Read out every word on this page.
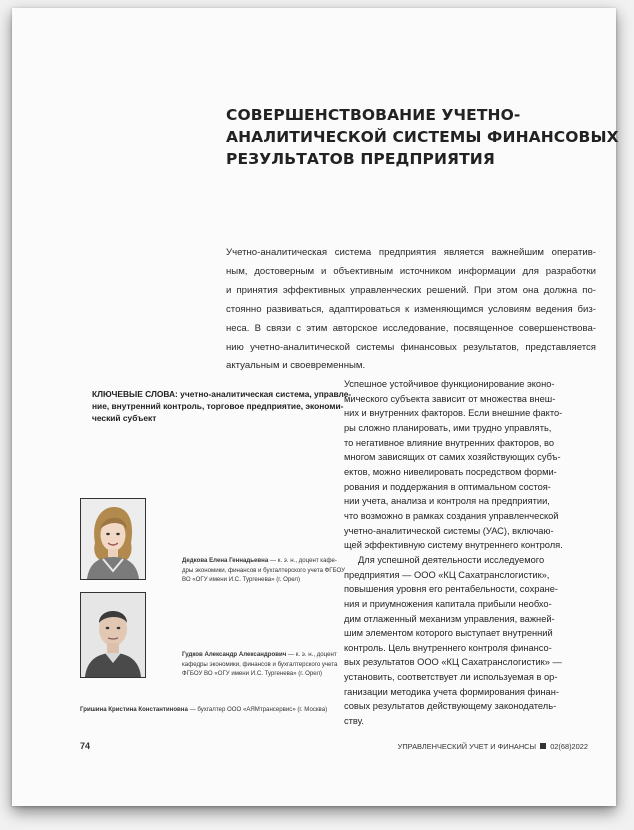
СОВЕРШЕНСТВОВАНИЕ УЧЕТНО-
АНАЛИТИЧЕСКОЙ СИСТЕМЫ ФИНАНСОВЫХ
РЕЗУЛЬТАТОВ ПРЕДПРИЯТИЯ
Учетно-аналитическая система предприятия является важнейшим оператив-
ным, достоверным и объективным источником информации для разработки
и принятия эффективных управленческих решений. При этом она должна по-
стоянно развиваться, адаптироваться к изменяющимся условиям ведения биз-
неса. В связи с этим авторское исследование, посвященное совершенствова-
нию учетно-аналитической системы финансовых результатов, представляется
актуальным и своевременным.
КЛЮЧЕВЫЕ СЛОВА: учетно-аналитическая система, управле-
ние, внутренний контроль, торговое предприятие, экономи-
ческий субъект
Дедкова Елена Геннадьевна — к. э. н., доцент кафе-
дры экономики, финансов и бухгалтерского учета ФГБОУ
ВО «ОГУ имени И.С. Тургенева» (г. Орел)
Гудков Александр Александрович — к. э. н., доцент
кафедры экономики, финансов и бухгалтерского учета
ФГБОУ ВО «ОГУ имени И.С. Тургенева» (г. Орел)
Гришина Кристина Константиновна — бухгалтер ООО «АЯМтрансервис» (г. Москва)
Успешное устойчивое функционирование эконо-
мического субъекта зависит от множества внеш-
них и внутренних факторов. Если внешние факто-
ры сложно планировать, ими трудно управлять,
то негативное влияние внутренних факторов, во
многом зависящих от самих хозяйствующих субъ-
ектов, можно нивелировать посредством форми-
рования и поддержания в оптимальном состоя-
нии учета, анализа и контроля на предприятии,
что возможно в рамках создания управленческой
учетно-аналитической системы (УАС), включаю-
щей эффективную систему внутреннего контроля.
Для успешной деятельности исследуемого
предприятия — ООО «КЦ Сахатранслогистик»,
повышения уровня его рентабельности, сохране-
ния и приумножения капитала прибыли необхо-
дим отлаженный механизм управления, важней-
шим элементом которого выступает внутренний
контроль. Цель внутреннего контроля финансо-
вых результатов ООО «КЦ Сахатранслогистик» —
установить, соответствует ли используемая в ор-
ганизации методика учета формирования финан-
совых результатов действующему законодатель-
ству.
74	УПРАВЛЕНЧЕСКИЙ УЧЕТ И ФИНАНСЫ 02(68)2022
